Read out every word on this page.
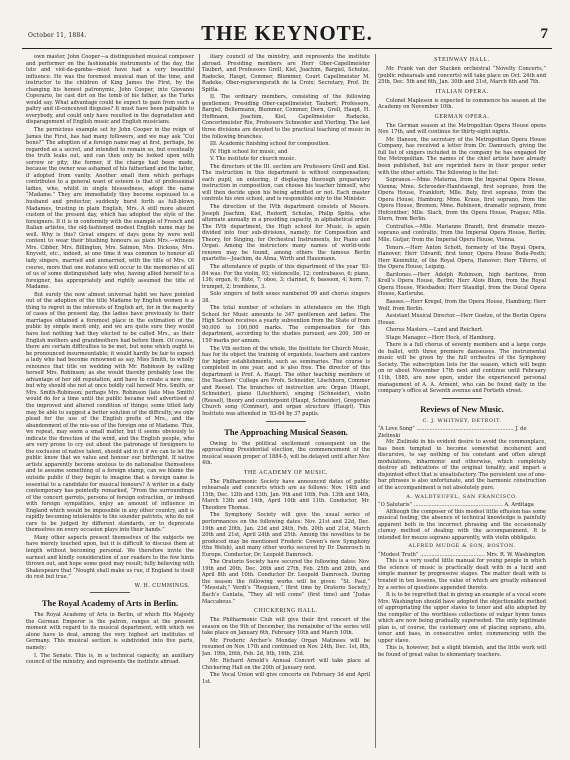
October 11, 1884.	THE KEYNOTE.	7

own master, John Cooper—a distinguished musical composer and performer on the fashionable instruments of the day, the lute and viol-da-gamba—must have had a very beautiful influence. He was the foremost musical man of the time, and instructor to the children of King James the First, by the changing his honest patronymic, John Cooper, into Giovanni Coperario, he cast dirt on the tomb of his father, as the Turks would say. What advantage could he expect to gain from such a paltry and ill-conceived disguise? It must have been palpable to everybody, and could only have resulted in the degradation and disparagement of English music and English musicians.

The pernicious example set by John Cooper in the reign of James the First, has had many followers, and we may ask “Cui bono?” The adoption of a foreign name may at first, perhaps, be regarded as a secret, and intended to remain so, but eventually the truth leaks out, and can then only be looked upon with sorrow or pity; the former, if the charge had been made, because the owner was ashamed of his fatherland and the latter, if adopted from vanity. Another small item which perhaps contributes to a general want of esteem is that of professional ladies, who, whilst in single blessedness, adopt the name “Madame.” They are immediately they become espoused to a husband and protector, suddenly burst forth as full-blown Madames, trusting in plain English, Mrs. A still more absurd custom of the present day, which has adopted the style of the foreigners. If it is in conformity with the example of French and Italian artistes, the old-fashioned modest English name may be well. Why is this? Great singers of days gone by were well content to wear their blushing honours as plain Mrs.—witness Mrs. Cibber, Mrs. Billington, Mrs. Salmon, Mrs. Dickons, Mrs. Knyvett, etc., indeed, at one time it was common to honour all lady singers, married and unmarried, with the title of Mrs. Of course, more that one instance will occur to the memories of all of us of some distinguished lady who, having allied herself to a foreigner, has appropriately and rightly assumed the title of Madame.

But surely the now almost universal habit we have pointed out of the adoption of the title Madame by English women is a thing to regret in the interests of English art, for in the majority of cases of the present day, the ladies have previously to their marriages obtained a foremost place in the estimation of the public by simple merit only, and we are quite sure they would have lost nothing had they elected to be called Mrs., as their English mothers and grandmothers had before them. Of course, there are certain difficulties to be met, but none which ought to be pronounced insurmountable; it would hardly be fair to expect a lady who had become renowned as say, Miss Smith, to wholly renounce that title on wedding with Mr. Robinson by calling herself Mrs. Robinson; as she would thereby probably lose the advantage of her old reputation, and have to create a new one; but why should she not at once boldly call herself Mrs. Smith, or Mrs. Smith-Robinson; perhaps Mrs. Robinson (late Miss Smith) would do for a time until the public became well advertised of the improved and altered condition of things; some titled lady may be able to suggest a better solution of the difficulty, we only plead for the use of the English prefix of Mrs., and the abandonment of the mis-use of the foreign one of Madame. This, we repeat, may seem a small matter, but it seems obviously to indicate the direction of the wind, and the English people, who are very prone to cry out about the patronage of foreigners to the exclusion of native talent, should aid in it if we can to let the public know that we value and honour our birthright. If native artists apparently become anxious to do nationalise themselves and to assume something of a foreign stamp, can we blame the outside public if they begin to imagine that a foreign name is essential to a candidate for musical honours? A writer in a daily contemporary has pointedly remarked, “From the surroundings of the concert garrets, persons of foreign extraction, or imbued with foreign sympathies, enjoy an amount of influence in England which would be impossible in any other country, and is rapidly becoming intolerable to the sounder patriots, who do not care to be judged by different standards, or to deprecate themselves on every occasion plays into their hands.”

Many other aspects present themselves of the subjects we have merely touched upon, but it is difficult to discuss them at length without becoming personal. We therefore invite the earnest and kindly consideration of our readers to the few hints thrown out, and hope some good may result; fully believing with Shakespeare that “Nought shall make us rue, if England to itself do rest but true.”

W. H. CUMMINGS.
The Royal Academy of Arts in Berlin.

The Royal Academy of Arts in Berlin, of which His Majesty the German Emperor is the patron, ranges at the present moment with regard to its musical department, with which we alone have to deal, among the very highest art institutes of Germany. This musical section is subdivided into five parts, namely:

I. The Senate. This is, in a technical capacity, an auxiliary council of the ministry, and represents the institute abroad.

iliary council of the ministry, and represents the institute abroad. Presiding members are Herr Ober-Capellmeister Taubert, and Professors Grell, Kiel, Joachim, Bargiel, Schulze, Radecke, Haupt, Commer, Blummer, Court Capellmeister M. Radeke, Ober-regierungsrath de la Croix; Secretary, Prof. Dr. Spitta.

II. The ordinary members, consisting of the following gentlemen: Presiding Ober-capellmeister, Taubert; Professors, Bargiel, Bellermann, Blummer, Commer, Dorn, Grell, Haupt, H. Hoffmann, Joachim, Kiel, Capellmeister Radecke, Concertmeister Rie, Professors Schneider and Vierling. The last three divisions are devoted to the practical teaching of music in the following branches:

III. Academic finishing school for composition.

IV. High school for music, and

V. The institute for church music.

The directors of the III. section are Professors Grell and Kiel. The instruction in this department is without compensation; each pupil, on entering, if displaying thorough preparatory instruction in composition, can choose his teacher himself, who will then decide upon his being admitted or not. Each master controls his own school, and is responsible only to the Minister.

The direction of the IVth department consists of Messrs. Joseph Joachim, Kiel, Rudorff, Schulze, Philip Spitta, who alternate annually in a presiding capacity, in alphabetical order. The IVth department, the High school for Music, is again divided into four sub-divisions, namely: for Composition and Theory, for Singing, for Orchestral Instruments, for Piano and Organ. Among the instructors many names of world-wide renown may be found, among others the famous Berlin quartette—Joachim, de Ahna, Wirth and Hausmann.

The attendance of pupils of this department of the year ’83-84 was: For the violin, 93; violoncello, 12; contrabasso, 6; piano, 136; organ, 6; flute, 7; oboe, 3; clarinet, 6; bassoon, 4; horn, 7; trumpet, 2; trombone, 3.

Solo singers of both sexes numbered 99 and chorus singers 38.

The total number of scholars in attendance on the High School for Music amounts to 347 gentlemen and ladies. The High School receives a yearly subvention from the State of from 90,000 to 100,000 marks. The compensation for this department, according to the studies pursued, are 200, 360 or 150 marks per annum.

The Vth section of the whole, the Institute for Church Music, has for its object the training of organists, teachers and cantors for higher establishments, such as seminaries. The course is completed in one year, and is also free. The director of this department is Prof. A. Haupt. The other teaching members of the Teachers’ College are Profs. Schneider, Löschhorn, Commer and Reesel. The branches of instruction are: Organ (Haupt, Schneider), piano (Löschhorn), singing (Schneider), violin (Reesel), theory and counterpoint (Haupt, Schneider), Gregorian Church song (Commer), and organ structure (Haupt). This Institute was attended in ’83-84 by 37 pupils.

The Approaching Musical Season.

Owing to the political excitement consequent on the approaching Presidential election, the commencement of the musical season proper of 1884-5, will be delayed until after Nov. 4th.

THE ACADEMY OF MUSIC.

The Philharmonic Society have announced dates of public rehearsals and concerts which are as follows: Nov. 14th and 15th, Dec. 12th and 13th, Jan. 9th and 10th, Feb. 13th and 14th, March 13th and 14th, April 10th and 11th. Conductor, Mr. Theodore Thomas.

The Symphony Society will give the usual series of performances on the following dates: Nov. 21st and 22d, Dec. 19th and 20th, Jan. 23d and 24th, Feb. 20th and 21st, March 20th and 21st, April 24th and 25th. Among the novelties to be produced may be mentioned Frederic Cowen’s new Symphony (the Welsh), and many other works secured by Dr. Damrosch in Europe. Conductor, Dr. Leopold Damrosch.

The Oratorio Society have secured the following dates: Nov. 19th and 20th, Dec. 26th and 27th, Feb. 25th and 26th, and April 8th and 10th. Conductor Dr. Leopold Damrosch. During the season the following works will be given: “St. Paul,” “Messiah,” Verdi’s “Requiem,” (first time by Oratorio Society,) Bach’s Cantata, “They all will come” (first time) and “Judas Maccabeus.”

CHICKERING HALL.

The Philharmonic Club will give their first concert of the season on the 9th of December, the remainder of the series will take place on January 6th, February 10th and March 10th.

Mr. Frederic Archer’s Monday Organ Matinees will be resumed on Nov. 17th and continued on Nov. 24th, Dec. 1st, 8th, Jan. 19th, 26th, Feb. 2d, 9th, 16th, 23d.

Mr. Richard Arnold’s Annual Concert will take place at Chickering Hall on the 20th of January next.

The Vocal Union will give concerts on February 3d and April 1st.

STEINWAY HALL.

Mr. Frank van der Stucken orchestral “Novelty Concerts,” (public rehearsals and concerts) will take place on Oct. 24th and 25th, Dec. 5th and 6th, Jan. 30th and 31st, March 6th and 7th.

ITALIAN OPERA.

Colonel Mapleson is expected to commence his season at the Academy on November 10th.

GERMAN OPERA.

The German season at the Metropolitan Opera House opens Nov. 17th, and will continue for thirty-eight nights.

Mr. Hanson, the secretary of the Metropolitan Opera House Company, has received a letter from Dr. Damrosch, giving the full list of singers included in the company he has engaged for the Metropolitan. The names of the chief artists have already been published, but are reprinted here in their proper order with the other artists. The following is the list:

Sopranos.—Mme. Materna, from the Imperial Opera House, Vienna; Mme. Schroeder-Hanfstaengl, first soprano, from the Opera House, Frankfort; Mlle. Bely, first soprano, from the Opera House, Hamburg; Mme. Kraus, first soprano, from the Opera House, Bremen; Mme. Robinson, dramatic soprano, from Hofcontber; Mlle. Slach, from the Opera House, Prague; Mlle. Stern, from Berlin.

Contraltos.—Mlle. Marianne Brandt, first dramatic mezzo-soprano and contralto, from the Imperial Opera House, Berlin; Mlle. Gutjar, from the Imperial Opera House, Vienna.

Tenors.—Herr Anton Schott, formerly of the Royal Opera, Hanover; Herr Udvardi, first tenor, Opera House Buda-Pesth; Herr Kemmlitz, of the Royal Opera, Hanover; Herr Tiferro, of the Opera House, Leipzig.

Baritones.—Herr Adolph Robinson, high baritone, from Kroll’s Opera House, Berlin; Herr Alois Blum, from the Royal Opera House, Wiesbaden; Herr Staudigl, from the Ducal Opera House, Karlsruhe.

Basses.—Herr Kregel, from the Opera House, Hamburg; Herr Wolf, from Berlin.

Assistant Musical Director.—Herr Goetze, of the Berlin Opera House.

Chorus Masters.—Lund and Reichert.

Stage Manager.—Herr Hock, of Hamburg.

There is a full chorus of seventy members and a large corps de ballet, with three premiere danseuses. The instrumental music will be given by the full orchestra of the Symphony Society. The subscription lists for the season, which will begin on or about November 17th next and continue until February 11th, 1885, are now open, under the experienced personal management of A. A. Arment, who can be found daily in the company’s office at Seventh avenue and Fortieth street.

Reviews of New Music.
C. J. WHITNEY, DETROIT.
“A Love Song” ............................................................ J. de Zielinski

Mr. Zielinski in his evident desire to avoid the commonplace, has been tempted to become somewhat incoherent and discursive, to say nothing of his constant and often abrupt modulations, inharmonic and otherwise, which completely destroy all indications of the original tonality, and impart a disjointed effect that is unsatisfactory. The persistent use of one-bar phrases is also unfortunate, and the harmonic construction of the accompaniment is not absolutely pure.

A. WALDTEUFEL, SAN FRANCISCO.
“O Salutaris” ....................................................... A. Arditaga

Although the composer of this modest little effusion has some musical feeling, the absence of technical knowledge is painfully apparent both in the incorrect phrasing and the occasionally clumsy method of dealing with the accompaniment. It is intended for mezzo soprano apparently, with violin obbligato.

ALFRED MUDGE & SON, BOSTON.
“Modest Truth” ........................................ Mrs. R. W. Washington

This is a very useful little manual for young people in which the science of music is practically dealt with in a lucid and simple manner by progressive stages. The matter dealt with is treated in ten lessons, the value of which are greatly enhanced by a series of questions appended thereto.

It is to be regretted that in giving an example of a vocal score Mrs. Washington should have adopted the objectionable method of appropriating the upper staves to tenor and alto adopted by the compiler of the worthless collections of vulgar hymn tunes which are now being gradually superseded. The only legitimate plan is, of course, the customary one of placing soprano, alto, tenor and bass, in consecutive order, commencing with the upper stave.

This is, however, but a slight blemish, and the little work will be found of great value to elementary teachers.
